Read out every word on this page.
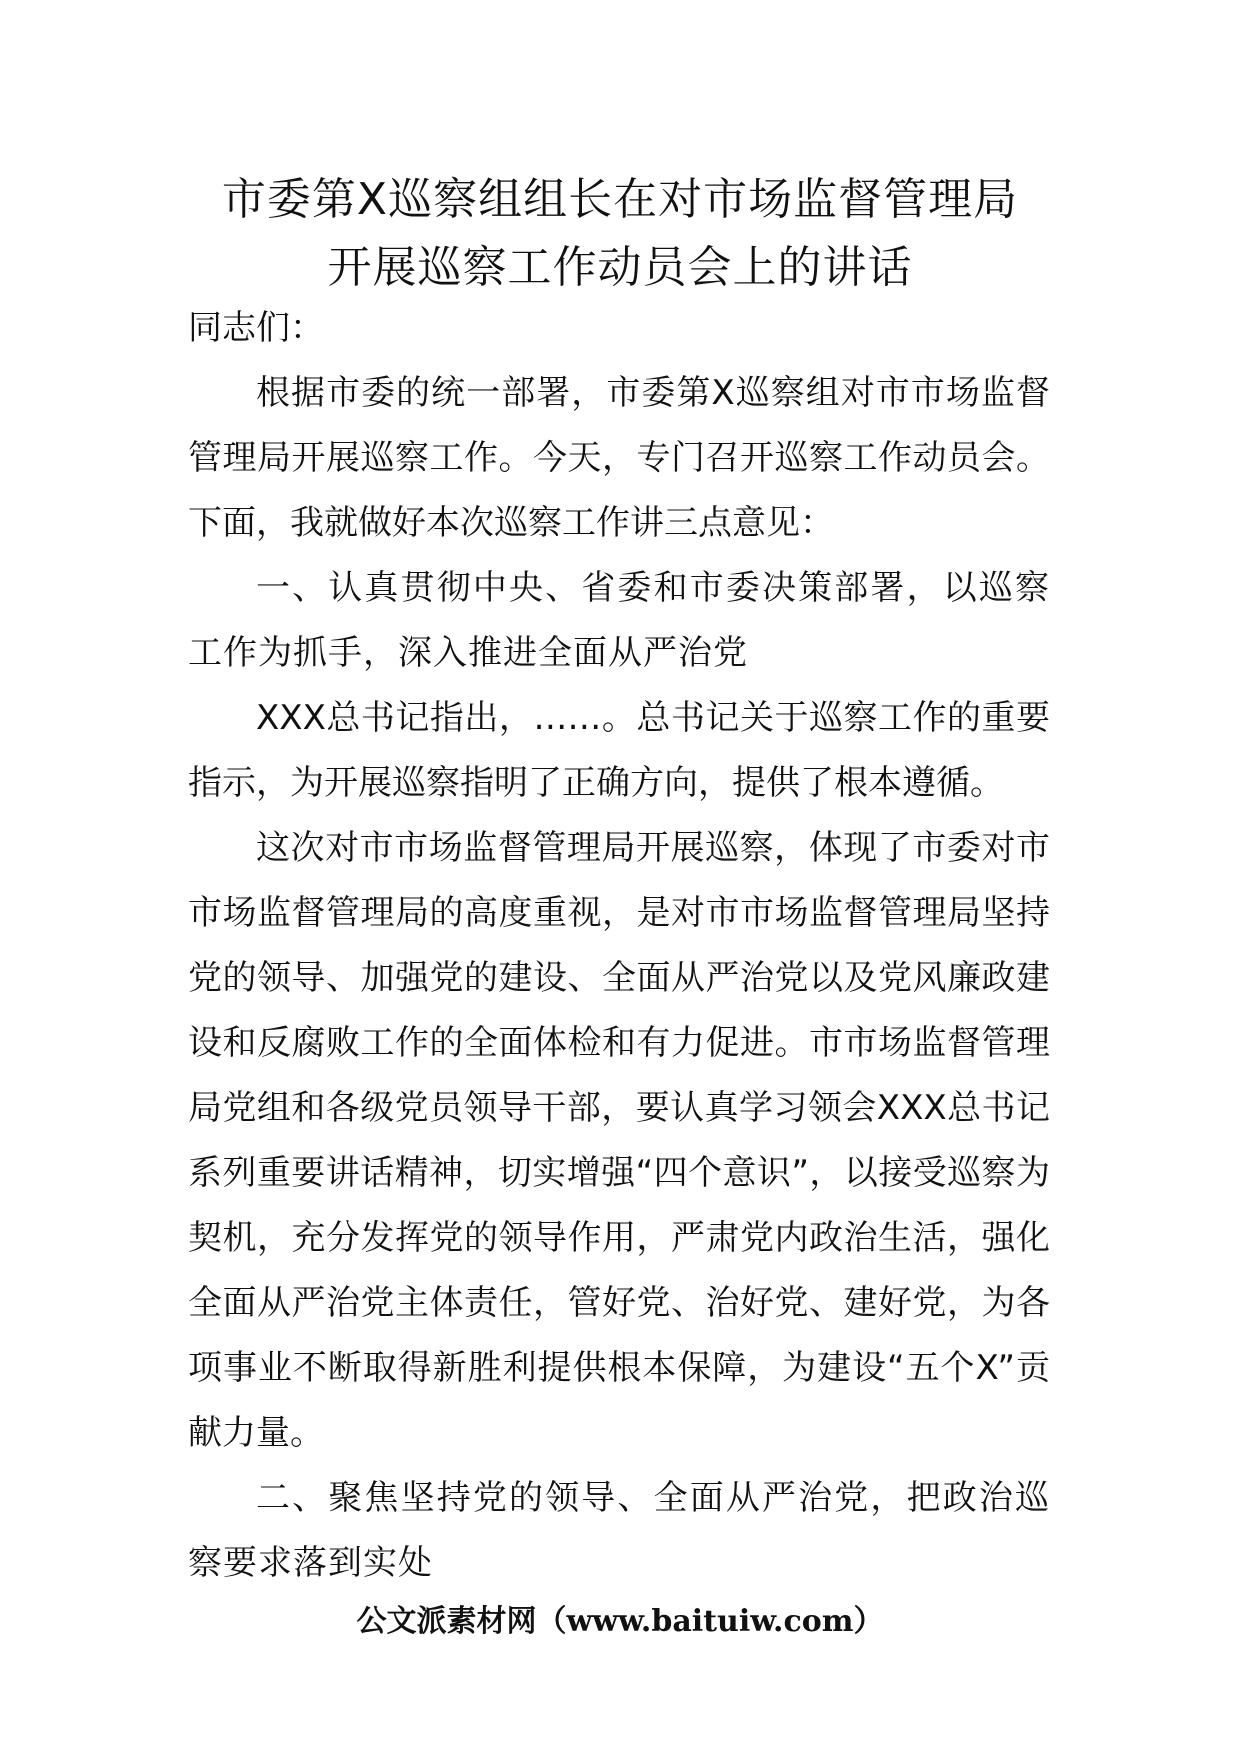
市委第Ⅹ巡察组组长在对市场监督管理局
开展巡察工作动员会上的讲话

同志们：

根据市委的统一部署，市委第Ⅹ巡察组对市市场监督管理局开展巡察工作。今天，专门召开巡察工作动员会。下面，我就做好本次巡察工作讲三点意见：

一、认真贯彻中央、省委和市委决策部署，以巡察工作为抓手，深入推进全面从严治党

XXX总书记指出，……。总书记关于巡察工作的重要指示，为开展巡察指明了正确方向，提供了根本遵循。

这次对市市场监督管理局开展巡察，体现了市委对市市场监督管理局的高度重视，是对市市场监督管理局坚持党的领导、加强党的建设、全面从严治党以及党风廉政建设和反腐败工作的全面体检和有力促进。市市场监督管理局党组和各级党员领导干部，要认真学习领会XXX总书记系列重要讲话精神，切实增强“四个意识”，以接受巡察为契机，充分发挥党的领导作用，严肃党内政治生活，强化全面从严治党主体责任，管好党、治好党、建好党，为各项事业不断取得新胜利提供根本保障，为建设“五个X”贡献力量。

二、聚焦坚持党的领导、全面从严治党，把政治巡察要求落到实处

公文派素材网（www.baituiw.com）
